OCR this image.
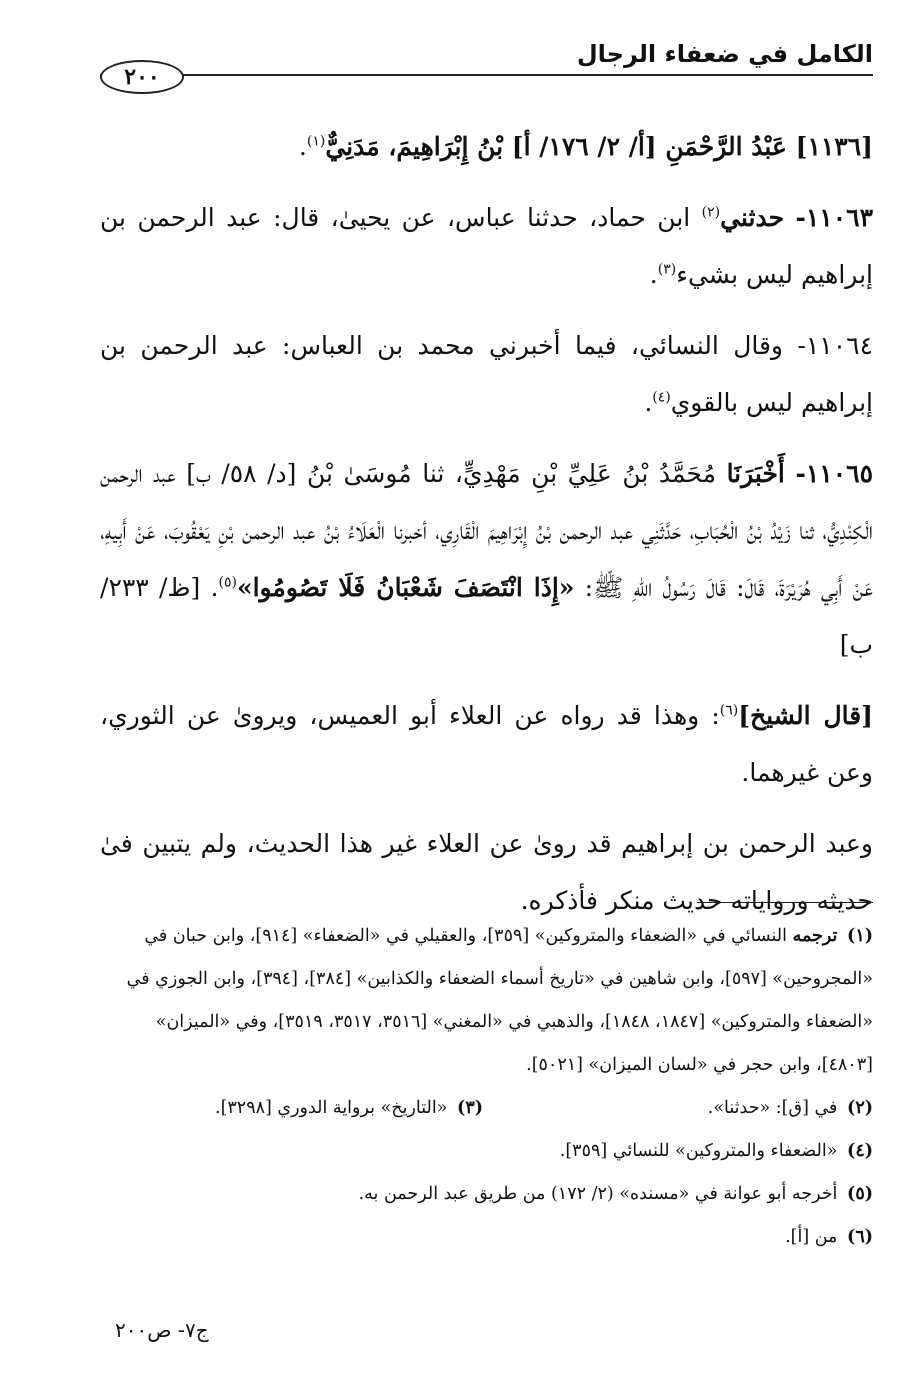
الكامل في ضعفاء الرجال
٢٠٠

[١١٣٦] عَبْدُ الرَّحْمَنِ [أ/ ٢/ ١٧٦/ أ] بْنُ إِبْرَاهِيمَ، مَدَنِيٌّ$^{(١)}$.

١١٠٦٣- حدثني$^{(٢)}$ ابن حماد، حدثنا عباس، عن يحيىٰ، قال: عبد الرحمن بن إبراهيم ليس بشيء$^{(٣)}$.

١١٠٦٤- وقال النسائي، فيما أخبرني محمد بن العباس: عبد الرحمن بن إبراهيم ليس بالقوي$^{(٤)}$.

١١٠٦٥- أَخْبَرَنَا مُحَمَّدُ بْنُ عَلِيِّ بْنِ مَهْدِيٍّ، ثنا مُوسَىٰ بْنُ [د/ ٥٨/ ب] عبد الرحمن الْكِنْدِيُّ، ثنا زَيْدُ بْنُ الْحُبَابِ، حَدَّثَنِي عبد الرحمن بْنُ إِبْرَاهِيمَ الْقَارِي، أخبرنا الْعَلَاءُ بْنُ عبد الرحمن بْنِ يَعْقُوبَ، عَنْ أَبِيهِ، عَنْ أَبِي هُرَيْرَةَ، قَالَ: قَالَ رَسُولُ اللهِ ﷺ: «إِذَا انْتَصَفَ شَعْبَانُ فَلَا تَصُومُوا»$^{(٥)}$. [ظ/ ٢٣٣/ ب]

[قال الشيخ]$^{(٦)}$: وهذا قد رواه عن العلاء أبو العميس، ويروىٰ عن الثوري، وعن غيرهما.

وعبد الرحمن بن إبراهيم قد روىٰ عن العلاء غير هذا الحديث، ولم يتبين فىٰ حديثه ورواياته حديث منكر فأذكره.

(١) ترجمه النسائي في «الضعفاء والمتروكين» [٣٥٩]، والعقيلي في «الضعفاء» [٩١٤]، وابن حبان في «المجروحين» [٥٩٧]، وابن شاهين في «تاريخ أسماء الضعفاء والكذابين» [٣٨٤]، [٣٩٤]، وابن الجوزي في «الضعفاء والمتروكين» [١٨٤٧، ١٨٤٨]، والذهبي في «المغني» [٣٥١٦، ٣٥١٧، ٣٥١٩]، وفي «الميزان» [٤٨٠٣]، وابن حجر في «لسان الميزان» [٥٠٢١].

(٢) في [ق]: «حدثنا».
(٣) «التاريخ» برواية الدوري [٣٢٩٨].

(٤) «الضعفاء والمتروكين» للنسائي [٣٥٩].

(٥) أخرجه أبو عوانة في «مسنده» (٢/ ١٧٢) من طريق عبد الرحمن به.

(٦) من [أ].

ج٧- ص٢٠٠
